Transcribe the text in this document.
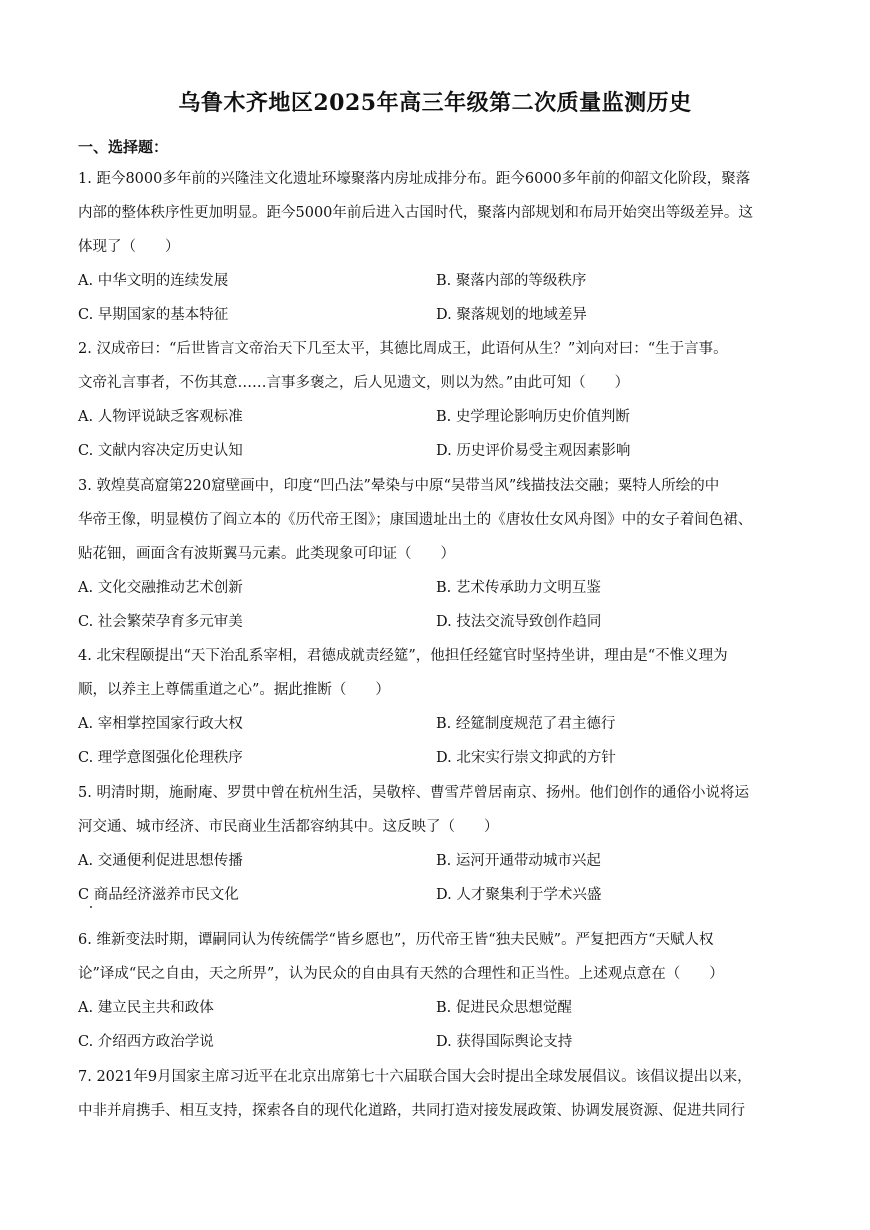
乌鲁木齐地区2025年高三年级第二次质量监测历史
一、选择题：
1. 距今8000多年前的兴隆洼文化遗址环壕聚落内房址成排分布。距今6000多年前的仰韶文化阶段，聚落
内部的整体秩序性更加明显。距今5000年前后进入古国时代，聚落内部规划和布局开始突出等级差异。这
体现了（　　）
A. 中华文明的连续发展	B. 聚落内部的等级秩序
C. 早期国家的基本特征	D. 聚落规划的地域差异
2. 汉成帝曰：“后世皆言文帝治天下几至太平，其德比周成王，此语何从生？”刘向对曰：“生于言事。
文帝礼言事者，不伤其意……言事多褒之，后人见遗文，则以为然。”由此可知（　　）
A. 人物评说缺乏客观标准	B. 史学理论影响历史价值判断
C. 文献内容决定历史认知	D. 历史评价易受主观因素影响
3. 敦煌莫高窟第220窟壁画中，印度“凹凸法”晕染与中原“吴带当风”线描技法交融；粟特人所绘的中
华帝王像，明显模仿了阎立本的《历代帝王图》；康国遗址出土的《唐妆仕女风舟图》中的女子着间色裙、
贴花钿，画面含有波斯翼马元素。此类现象可印证（　　）
A. 文化交融推动艺术创新	B. 艺术传承助力文明互鉴
C. 社会繁荣孕育多元审美	D. 技法交流导致创作趋同
4. 北宋程颐提出“天下治乱系宰相，君德成就责经筵”，他担任经筵官时坚持坐讲，理由是“不惟义理为
顺，以养主上尊儒重道之心”。据此推断（　　）
A. 宰相掌控国家行政大权	B. 经筵制度规范了君主德行
C. 理学意图强化伦理秩序	D. 北宋实行崇文抑武的方针
5. 明清时期，施耐庵、罗贯中曾在杭州生活，吴敬梓、曹雪芹曾居南京、扬州。他们创作的通俗小说将运
河交通、城市经济、市民商业生活都容纳其中。这反映了（　　）
A. 交通便利促进思想传播	B. 运河开通带动城市兴起
C 商品经济滋养市民文化	D. 人才聚集利于学术兴盛
6. 维新变法时期，谭嗣同认为传统儒学“皆乡愿也”，历代帝王皆“独夫民贼”。严复把西方“天赋人权
论”译成“民之自由，天之所畀”，认为民众的自由具有天然的合理性和正当性。上述观点意在（　　）
A. 建立民主共和政体	B. 促进民众思想觉醒
C. 介绍西方政治学说	D. 获得国际舆论支持
7. 2021年9月国家主席习近平在北京出席第七十六届联合国大会时提出全球发展倡议。该倡议提出以来，
中非并肩携手、相互支持，探索各自的现代化道路，共同打造对接发展政策、协调发展资源、促进共同行
